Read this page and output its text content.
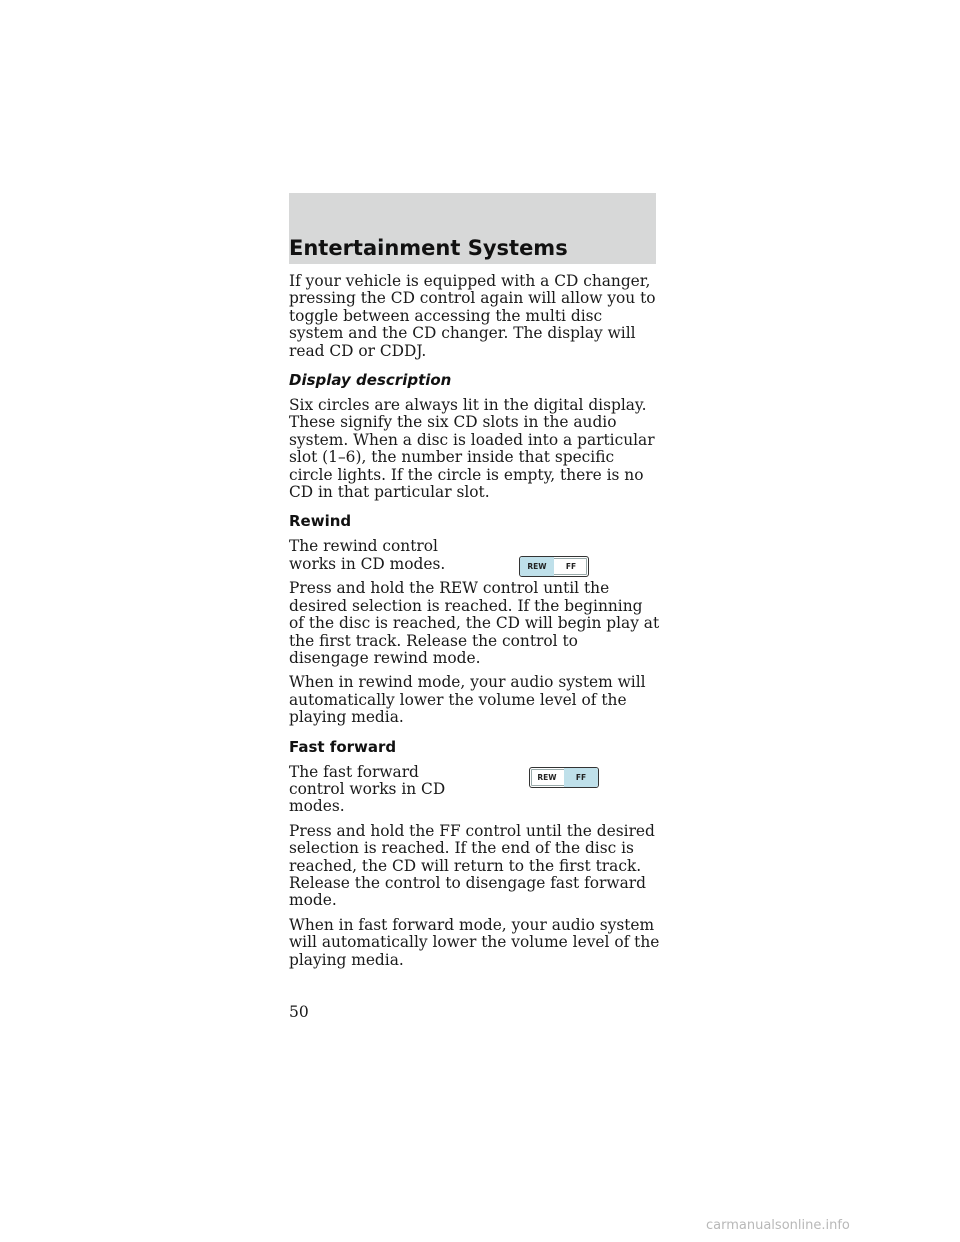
Entertainment Systems

If your vehicle is equipped with a CD changer, pressing the CD control again will allow you to toggle between accessing the multi disc system and the CD changer. The display will read CD or CDDJ.

Display description

Six circles are always lit in the digital display. These signify the six CD slots in the audio system. When a disc is loaded into a particular slot (1–6), the number inside that specific circle lights. If the circle is empty, there is no CD in that particular slot.

Rewind

The rewind control works in CD modes.	REW	FF

Press and hold the REW control until the desired selection is reached. If the beginning of the disc is reached, the CD will begin play at the first track. Release the control to disengage rewind mode.

When in rewind mode, your audio system will automatically lower the volume level of the playing media.

Fast forward

The fast forward control works in CD modes.

REW	FF

Press and hold the FF control until the desired selection is reached. If the end of the disc is reached, the CD will return to the first track. Release the control to disengage fast forward mode.

When in fast forward mode, your audio system will automatically lower the volume level of the playing media.

50
carmanualsonline.info
